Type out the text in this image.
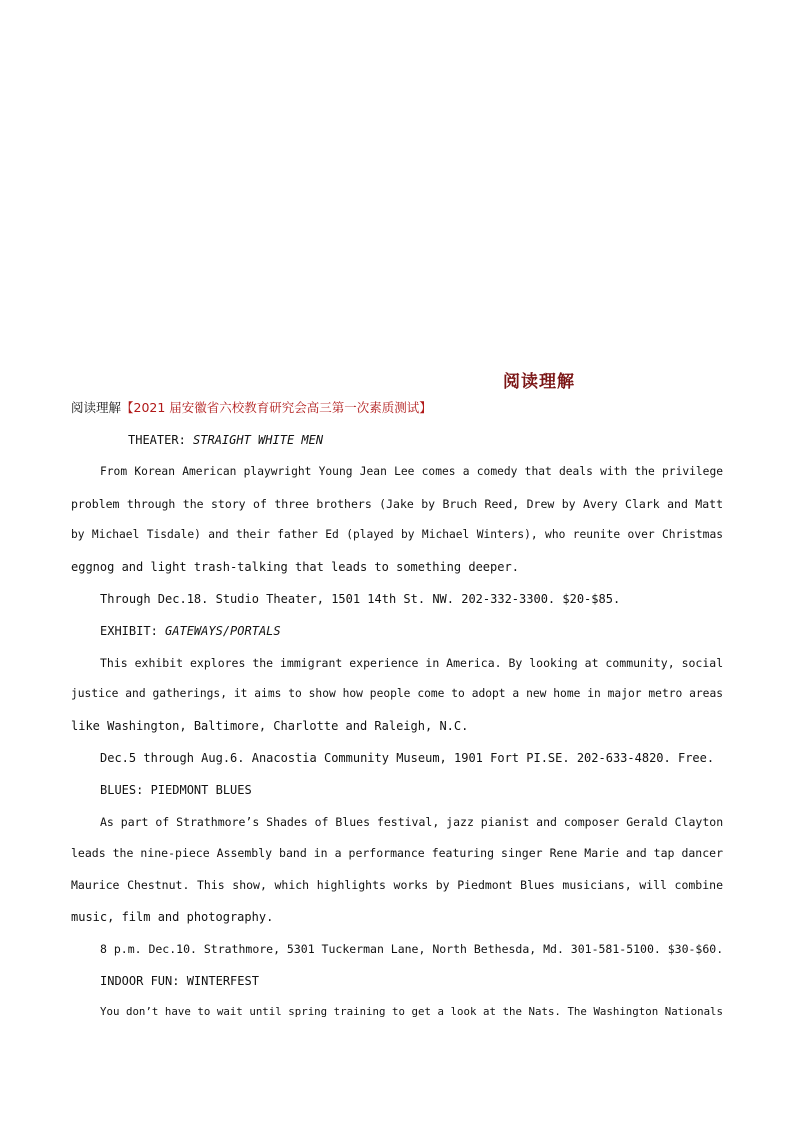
阅读理解
阅读理解【2021 届安徽省六校教育研究会高三第一次素质测试】
THEATER: STRAIGHT WHITE MEN
From Korean American playwright Young Jean Lee comes a comedy that deals with the privilege
problem through the story of three brothers (Jake by Bruch Reed, Drew by Avery Clark and Matt
by Michael Tisdale) and their father Ed (played by Michael Winters), who reunite over Christmas
eggnog and light trash-talking that leads to something deeper.
Through Dec.18. Studio Theater, 1501 14th St. NW. 202-332-3300. $20-$85.
EXHIBIT: GATEWAYS/PORTALS
This exhibit explores the immigrant experience in America. By looking at community, social
justice and gatherings, it aims to show how people come to adopt a new home in major metro areas
like Washington, Baltimore, Charlotte and Raleigh, N.C.
Dec.5 through Aug.6. Anacostia Community Museum, 1901 Fort PI.SE. 202-633-4820. Free.
BLUES: PIEDMONT BLUES
As part of Strathmore’s Shades of Blues festival, jazz pianist and composer Gerald Clayton
leads the nine-piece Assembly band in a performance featuring singer Rene Marie and tap dancer
Maurice Chestnut. This show, which highlights works by Piedmont Blues musicians, will combine
music, film and photography.
8 p.m. Dec.10. Strathmore, 5301 Tuckerman Lane, North Bethesda, Md. 301-581-5100. $30-$60.
INDOOR FUN: WINTERFEST
You don’t have to wait until spring training to get a look at the Nats. The Washington Nationals
